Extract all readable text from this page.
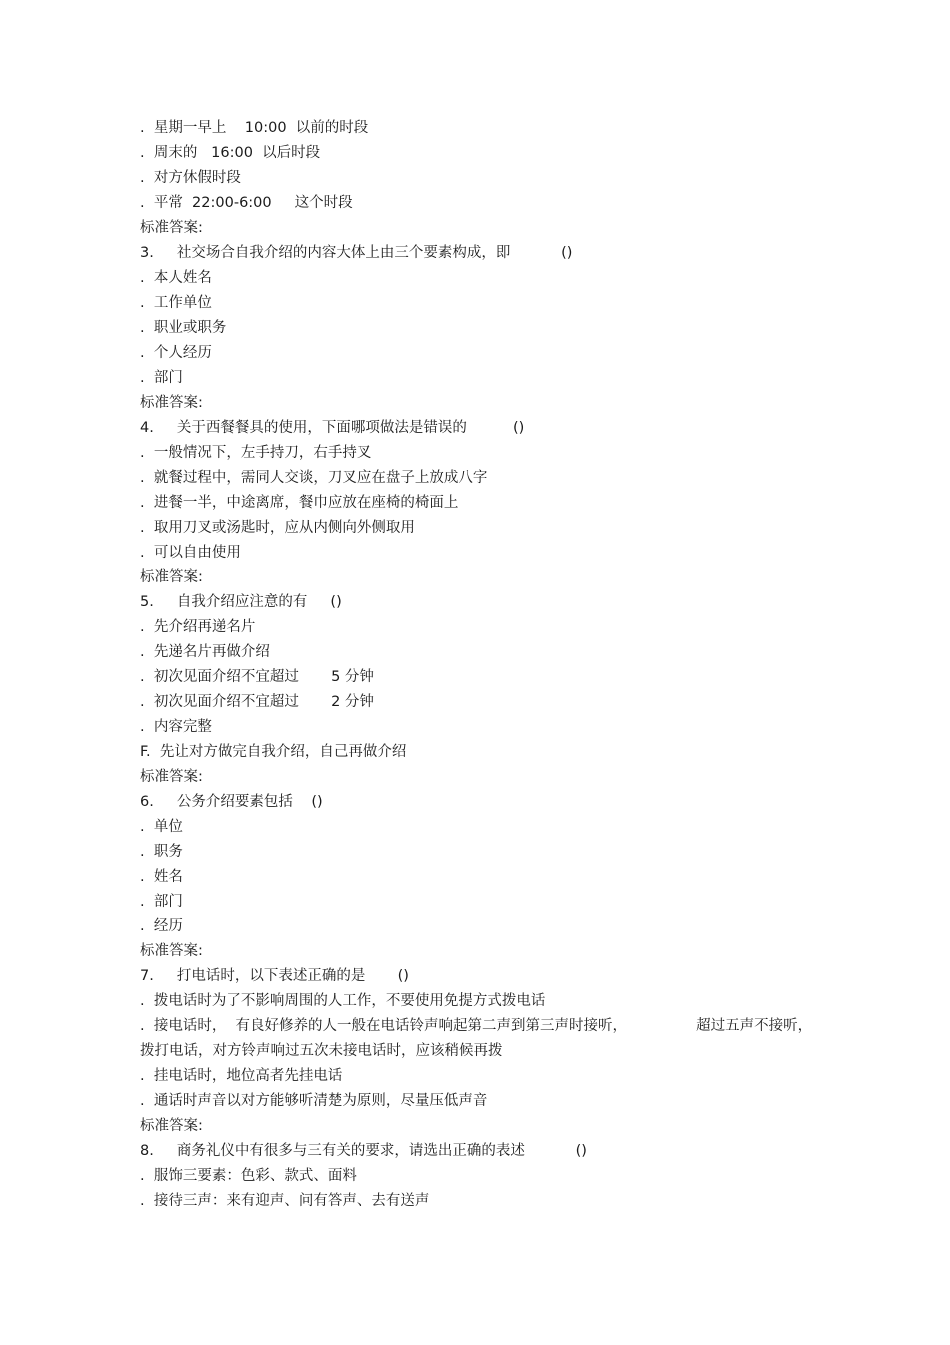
.  星期一早上    10:00  以前的时段
.  周末的   16:00  以后时段
.  对方休假时段
.  平常  22:00-6:00     这个时段
标准答案:
3.     社交场合自我介绍的内容大体上由三个要素构成，即           ()
.  本人姓名
.  工作单位
.  职业或职务
.  个人经历
.  部门
标准答案:
4.     关于西餐餐具的使用，下面哪项做法是错误的          ()
.  一般情况下，左手持刀，右手持叉
.  就餐过程中，需同人交谈，刀叉应在盘子上放成八字
.  进餐一半，中途离席，餐巾应放在座椅的椅面上
.  取用刀叉或汤匙时，应从内侧向外侧取用
.  可以自由使用
标准答案:
5.     自我介绍应注意的有     ()
.  先介绍再递名片
.  先递名片再做介绍
.  初次见面介绍不宜超过       5 分钟
.  初次见面介绍不宜超过       2 分钟
.  内容完整
F.  先让对方做完自我介绍，自己再做介绍
标准答案:
6.     公务介绍要素包括    ()
.  单位
.  职务
.  姓名
.  部门
.  经历
标准答案:
7.     打电话时，以下表述正确的是       ()
.  拨电话时为了不影响周围的人工作，不要使用免提方式拨电话
.  接电话时，  有良好修养的人一般在电话铃声响起第二声到第三声时接听，               超过五声不接听，
拨打电话，对方铃声响过五次未接电话时，应该稍候再拨
.  挂电话时，地位高者先挂电话
.  通话时声音以对方能够听清楚为原则，尽量压低声音
标准答案:
8.     商务礼仪中有很多与三有关的要求，请选出正确的表述           ()
.  服饰三要素：色彩、款式、面料
.  接待三声：来有迎声、问有答声、去有送声
